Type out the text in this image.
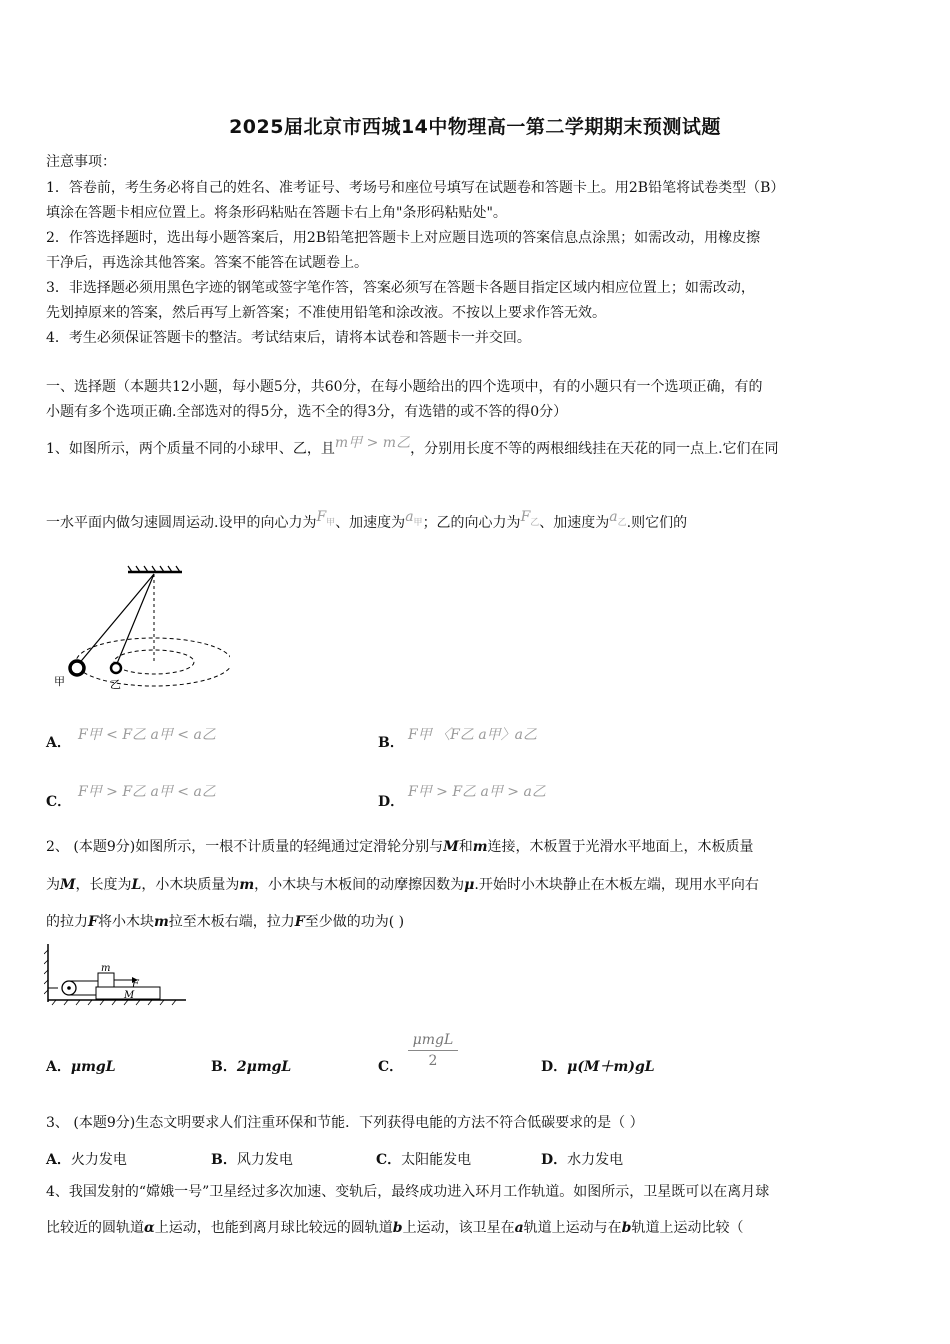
2025届北京市西城14中物理高一第二学期期末预测试题
注意事项：
1．答卷前，考生务必将自己的姓名、准考证号、考场号和座位号填写在试题卷和答题卡上。用2B铅笔将试卷类型（B）
填涂在答题卡相应位置上。将条形码粘贴在答题卡右上角"条形码粘贴处"。
2．作答选择题时，选出每小题答案后，用2B铅笔把答题卡上对应题目选项的答案信息点涂黑；如需改动，用橡皮擦
干净后，再选涂其他答案。答案不能答在试题卷上。
3．非选择题必须用黑色字迹的钢笔或签字笔作答，答案必须写在答题卡各题目指定区域内相应位置上；如需改动，
先划掉原来的答案，然后再写上新答案；不准使用铅笔和涂改液。不按以上要求作答无效。
4．考生必须保证答题卡的整洁。考试结束后，请将本试卷和答题卡一并交回。
一、选择题（本题共12小题，每小题5分，共60分，在每小题给出的四个选项中，有的小题只有一个选项正确，有的
小题有多个选项正确.全部选对的得5分，选不全的得3分，有选错的或不答的得0分）
1、如图所示，两个质量不同的小球甲、乙，且m甲 > m乙，分别用长度不等的两根细线挂在天花的同一点上.它们在同
一水平面内做匀速圆周运动.设甲的向心力为$F_甲$、加速度为$a_甲$；乙的向心力为$F_乙$、加速度为$a_乙$.则它们的
甲	乙
A． F甲 < F乙 a甲 < a乙	B． F甲 〈F乙 a甲〉a乙
C．
F甲 > F乙 a甲 < a乙
D．
F甲 > F乙 a甲 > a乙
2、 (本题9分)如图所示，一根不计质量的轻绳通过定滑轮分别与M和m连接，木板置于光滑水平地面上，木板质量
为M，长度为L，小木块质量为m，小木块与木板间的动摩擦因数为μ.开始时小木块静止在木板左端，现用水平向右
的拉力F将小木块m拉至木板右端，拉力F至少做的功为( )
m
F
M
A．μmgL	B．2μmgL	C．
μmgL
2	D．μ(M＋m)gL
3、 (本题9分)生态文明要求人们注重环保和节能．下列获得电能的方法不符合低碳要求的是（ ）
A．火力发电	B．风力发电	C．太阳能发电	D．水力发电
4、我国发射的“嫦娥一号”卫星经过多次加速、变轨后，最终成功进入环月工作轨道。如图所示，卫星既可以在离月球
比较近的圆轨道α上运动，也能到离月球比较远的圆轨道b上运动，该卫星在a轨道上运动与在b轨道上运动比较（
